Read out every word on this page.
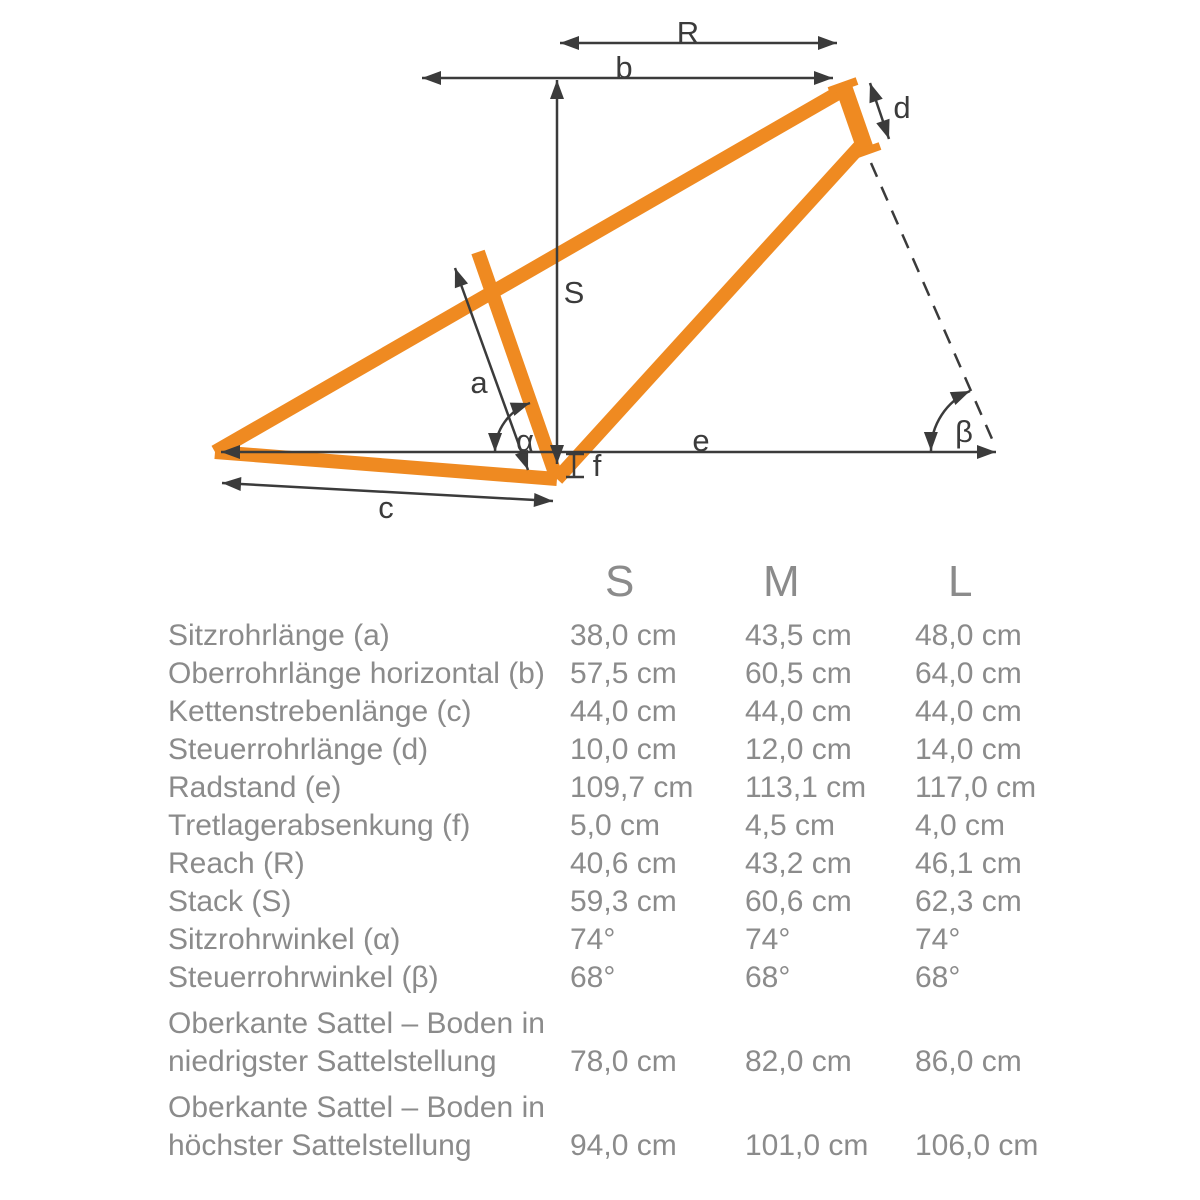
R
b
d
S
a
α	e
f
c
β
S	M	L
Sitzrohrlänge (a)	38,0 cm	43,5 cm	48,0 cm
Oberrohrlänge horizontal (b) 57,5 cm	60,5 cm	64,0 cm
Kettenstrebenlänge (c)	44,0 cm	44,0 cm	44,0 cm
Steuerrohrlänge (d)	10,0 cm	12,0 cm	14,0 cm
Radstand (e)	109,7 cm	113,1 cm	117,0 cm
Tretlagerabsenkung (f)	5,0 cm	4,5 cm	4,0 cm
Reach (R)	40,6 cm	43,2 cm	46,1 cm
Stack (S)	59,3 cm	60,6 cm	62,3 cm
Sitzrohrwinkel (α)	74°	74°	74°
Steuerrohrwinkel (β)	68°	68°	68°
Oberkante Sattel – Boden in niedrigster Sattelstellung	78,0 cm	82,0 cm	86,0 cm
Oberkante Sattel – Boden in höchster Sattelstellung	94,0 cm	101,0 cm	106,0 cm
